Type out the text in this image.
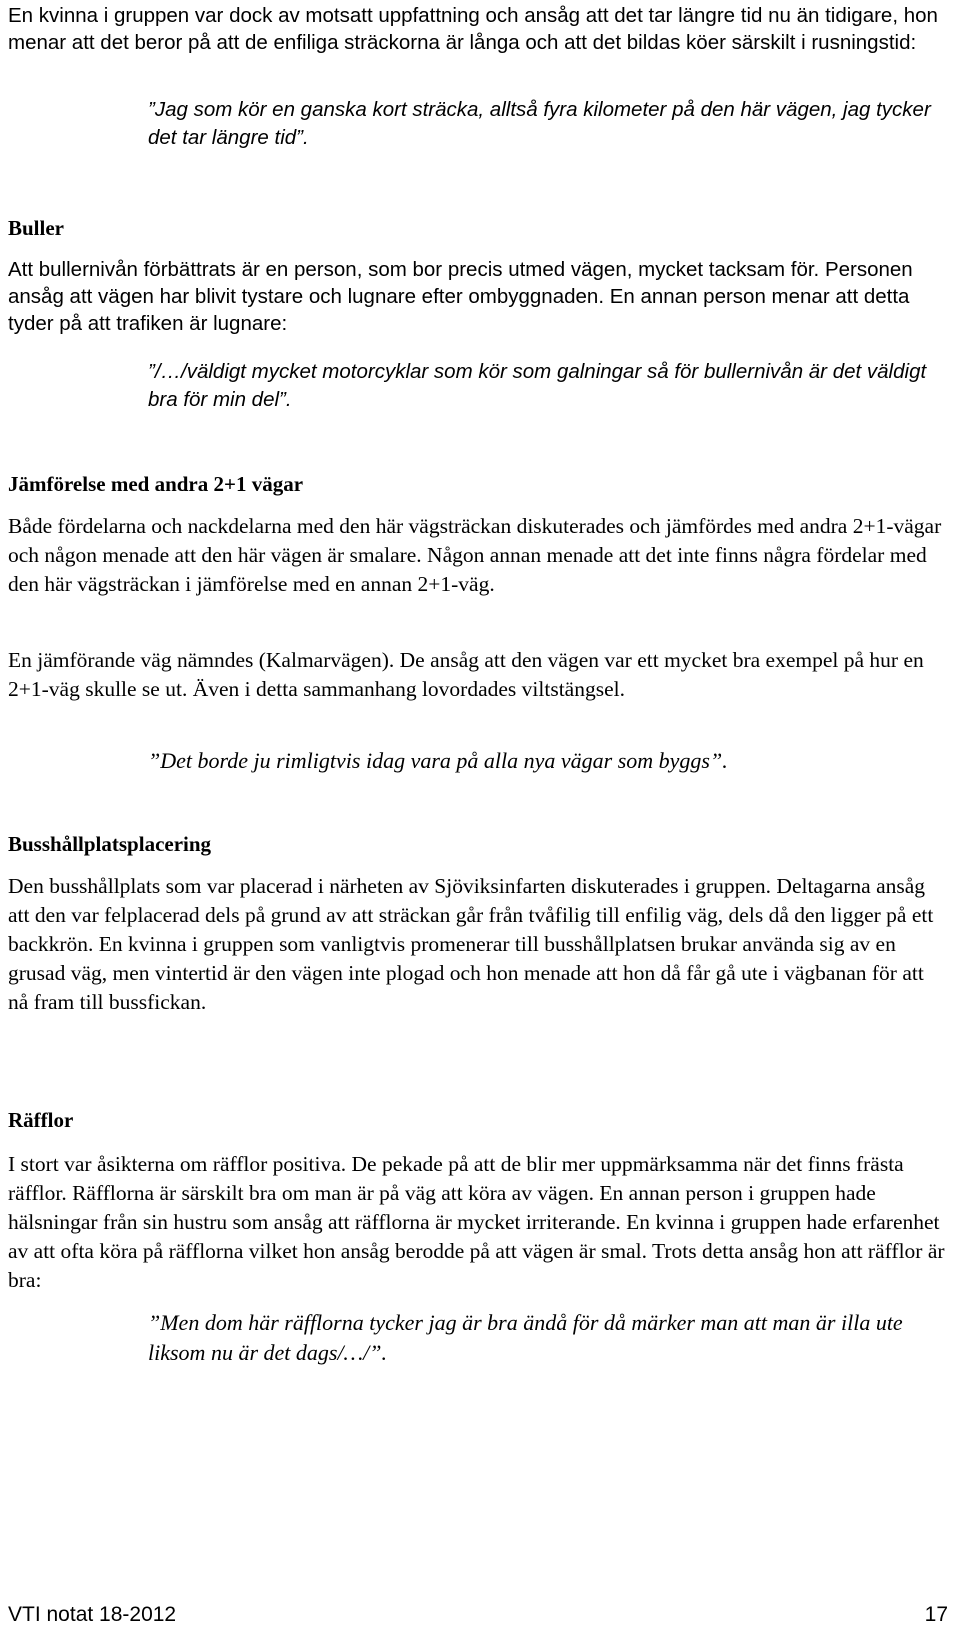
En kvinna i gruppen var dock av motsatt uppfattning och ansåg att det tar längre tid nu än tidigare, hon menar att det beror på att de enfiliga sträckorna är långa och att det bildas köer särskilt i rusningstid:

”Jag som kör en ganska kort sträcka, alltså fyra kilometer på den här vägen, jag tycker det tar längre tid”.

Buller

Att bullernivån förbättrats är en person, som bor precis utmed vägen, mycket tacksam för. Personen ansåg att vägen har blivit tystare och lugnare efter ombyggnaden. En annan person menar att detta tyder på att trafiken är lugnare:

”/…/väldigt mycket motorcyklar som kör som galningar så för bullernivån är det väldigt bra för min del”.

Jämförelse med andra 2+1 vägar

Både fördelarna och nackdelarna med den här vägsträckan diskuterades och jämfördes med andra 2+1-vägar och någon menade att den här vägen är smalare. Någon annan menade att det inte finns några fördelar med den här vägsträckan i jämförelse med en annan 2+1-väg.

En jämförande väg nämndes (Kalmarvägen). De ansåg att den vägen var ett mycket bra exempel på hur en 2+1-väg skulle se ut. Även i detta sammanhang lovordades viltstängsel.

”Det borde ju rimligtvis idag vara på alla nya vägar som byggs”.

Busshållplatsplacering

Den busshållplats som var placerad i närheten av Sjöviksinfarten diskuterades i gruppen. Deltagarna ansåg att den var felplacerad dels på grund av att sträckan går från tvåfilig till enfilig väg, dels då den ligger på ett backkrön. En kvinna i gruppen som vanligtvis promenerar till busshållplatsen brukar använda sig av en grusad väg, men vintertid är den vägen inte plogad och hon menade att hon då får gå ute i vägbanan för att nå fram till bussfickan.

Räfflor

I stort var åsikterna om räfflor positiva. De pekade på att de blir mer uppmärksamma när det finns frästa räfflor. Räfflorna är särskilt bra om man är på väg att köra av vägen. En annan person i gruppen hade hälsningar från sin hustru som ansåg att räfflorna är mycket irriterande. En kvinna i gruppen hade erfarenhet av att ofta köra på räfflorna vilket hon ansåg berodde på att vägen är smal. Trots detta ansåg hon att räfflor är bra:

”Men dom här räfflorna tycker jag är bra ändå för då märker man att man är illa ute liksom nu är det dags/…/”.

VTI notat 18-2012	17
